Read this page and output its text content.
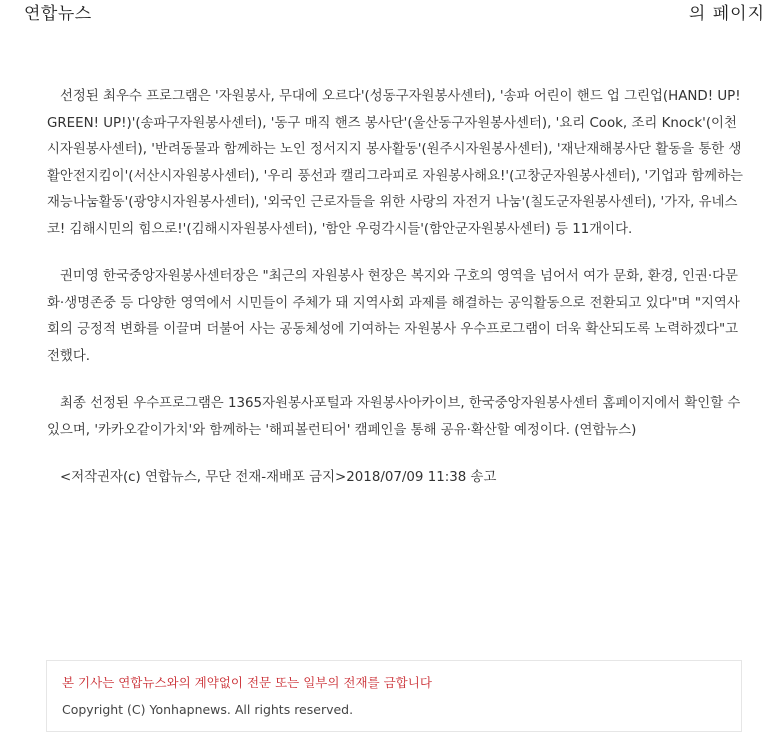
연합뉴스	의 페이지

선정된 최우수 프로그램은 '자원봉사, 무대에 오르다'(성동구자원봉사센터), '송파 어린이 핸드 업 그린업(HAND! UP! GREEN! UP!)'(송파구자원봉사센터), '동구 매직 핸즈 봉사단'(울산동구자원봉사센터), '요리 Cook, 조리 Knock'(이천시자원봉사센터), '반려동물과 함께하는 노인 정서지지 봉사활동'(원주시자원봉사센터), '재난재해봉사단 활동을 통한 생활안전지킴이'(서산시자원봉사센터), '우리 풍선과 캘리그라피로 자원봉사해요!'(고창군자원봉사센터), '기업과 함께하는 재능나눔활동'(광양시자원봉사센터), '외국인 근로자들을 위한 사랑의 자전거 나눔'(칠도군자원봉사센터), '가자, 유네스코! 김해시민의 힘으로!'(김해시자원봉사센터), '함안 우렁각시들'(함안군자원봉사센터) 등 11개이다.

권미영 한국중앙자원봉사센터장은 "최근의 자원봉사 현장은 복지와 구호의 영역을 넘어서 여가 문화, 환경, 인권·다문화·생명존중 등 다양한 영역에서 시민들이 주체가 돼 지역사회 과제를 해결하는 공익활동으로 전환되고 있다"며 "지역사회의 긍정적 변화를 이끌며 더불어 사는 공동체성에 기여하는 자원봉사 우수프로그램이 더욱 확산되도록 노력하겠다"고 전했다.

최종 선정된 우수프로그램은 1365자원봉사포털과 자원봉사아카이브, 한국중앙자원봉사센터 홈페이지에서 확인할 수 있으며, '카카오같이가치'와 함께하는 '해피볼런티어' 캠페인을 통해 공유·확산할 예정이다. (연합뉴스)

<저작권자(c) 연합뉴스, 무단 전재-재배포 금지>2018/07/09 11:38 송고

본 기사는 연합뉴스와의 계약없이 전문 또는 일부의 전재를 금합니다
Copyright (C) Yonhapnews. All rights reserved.
